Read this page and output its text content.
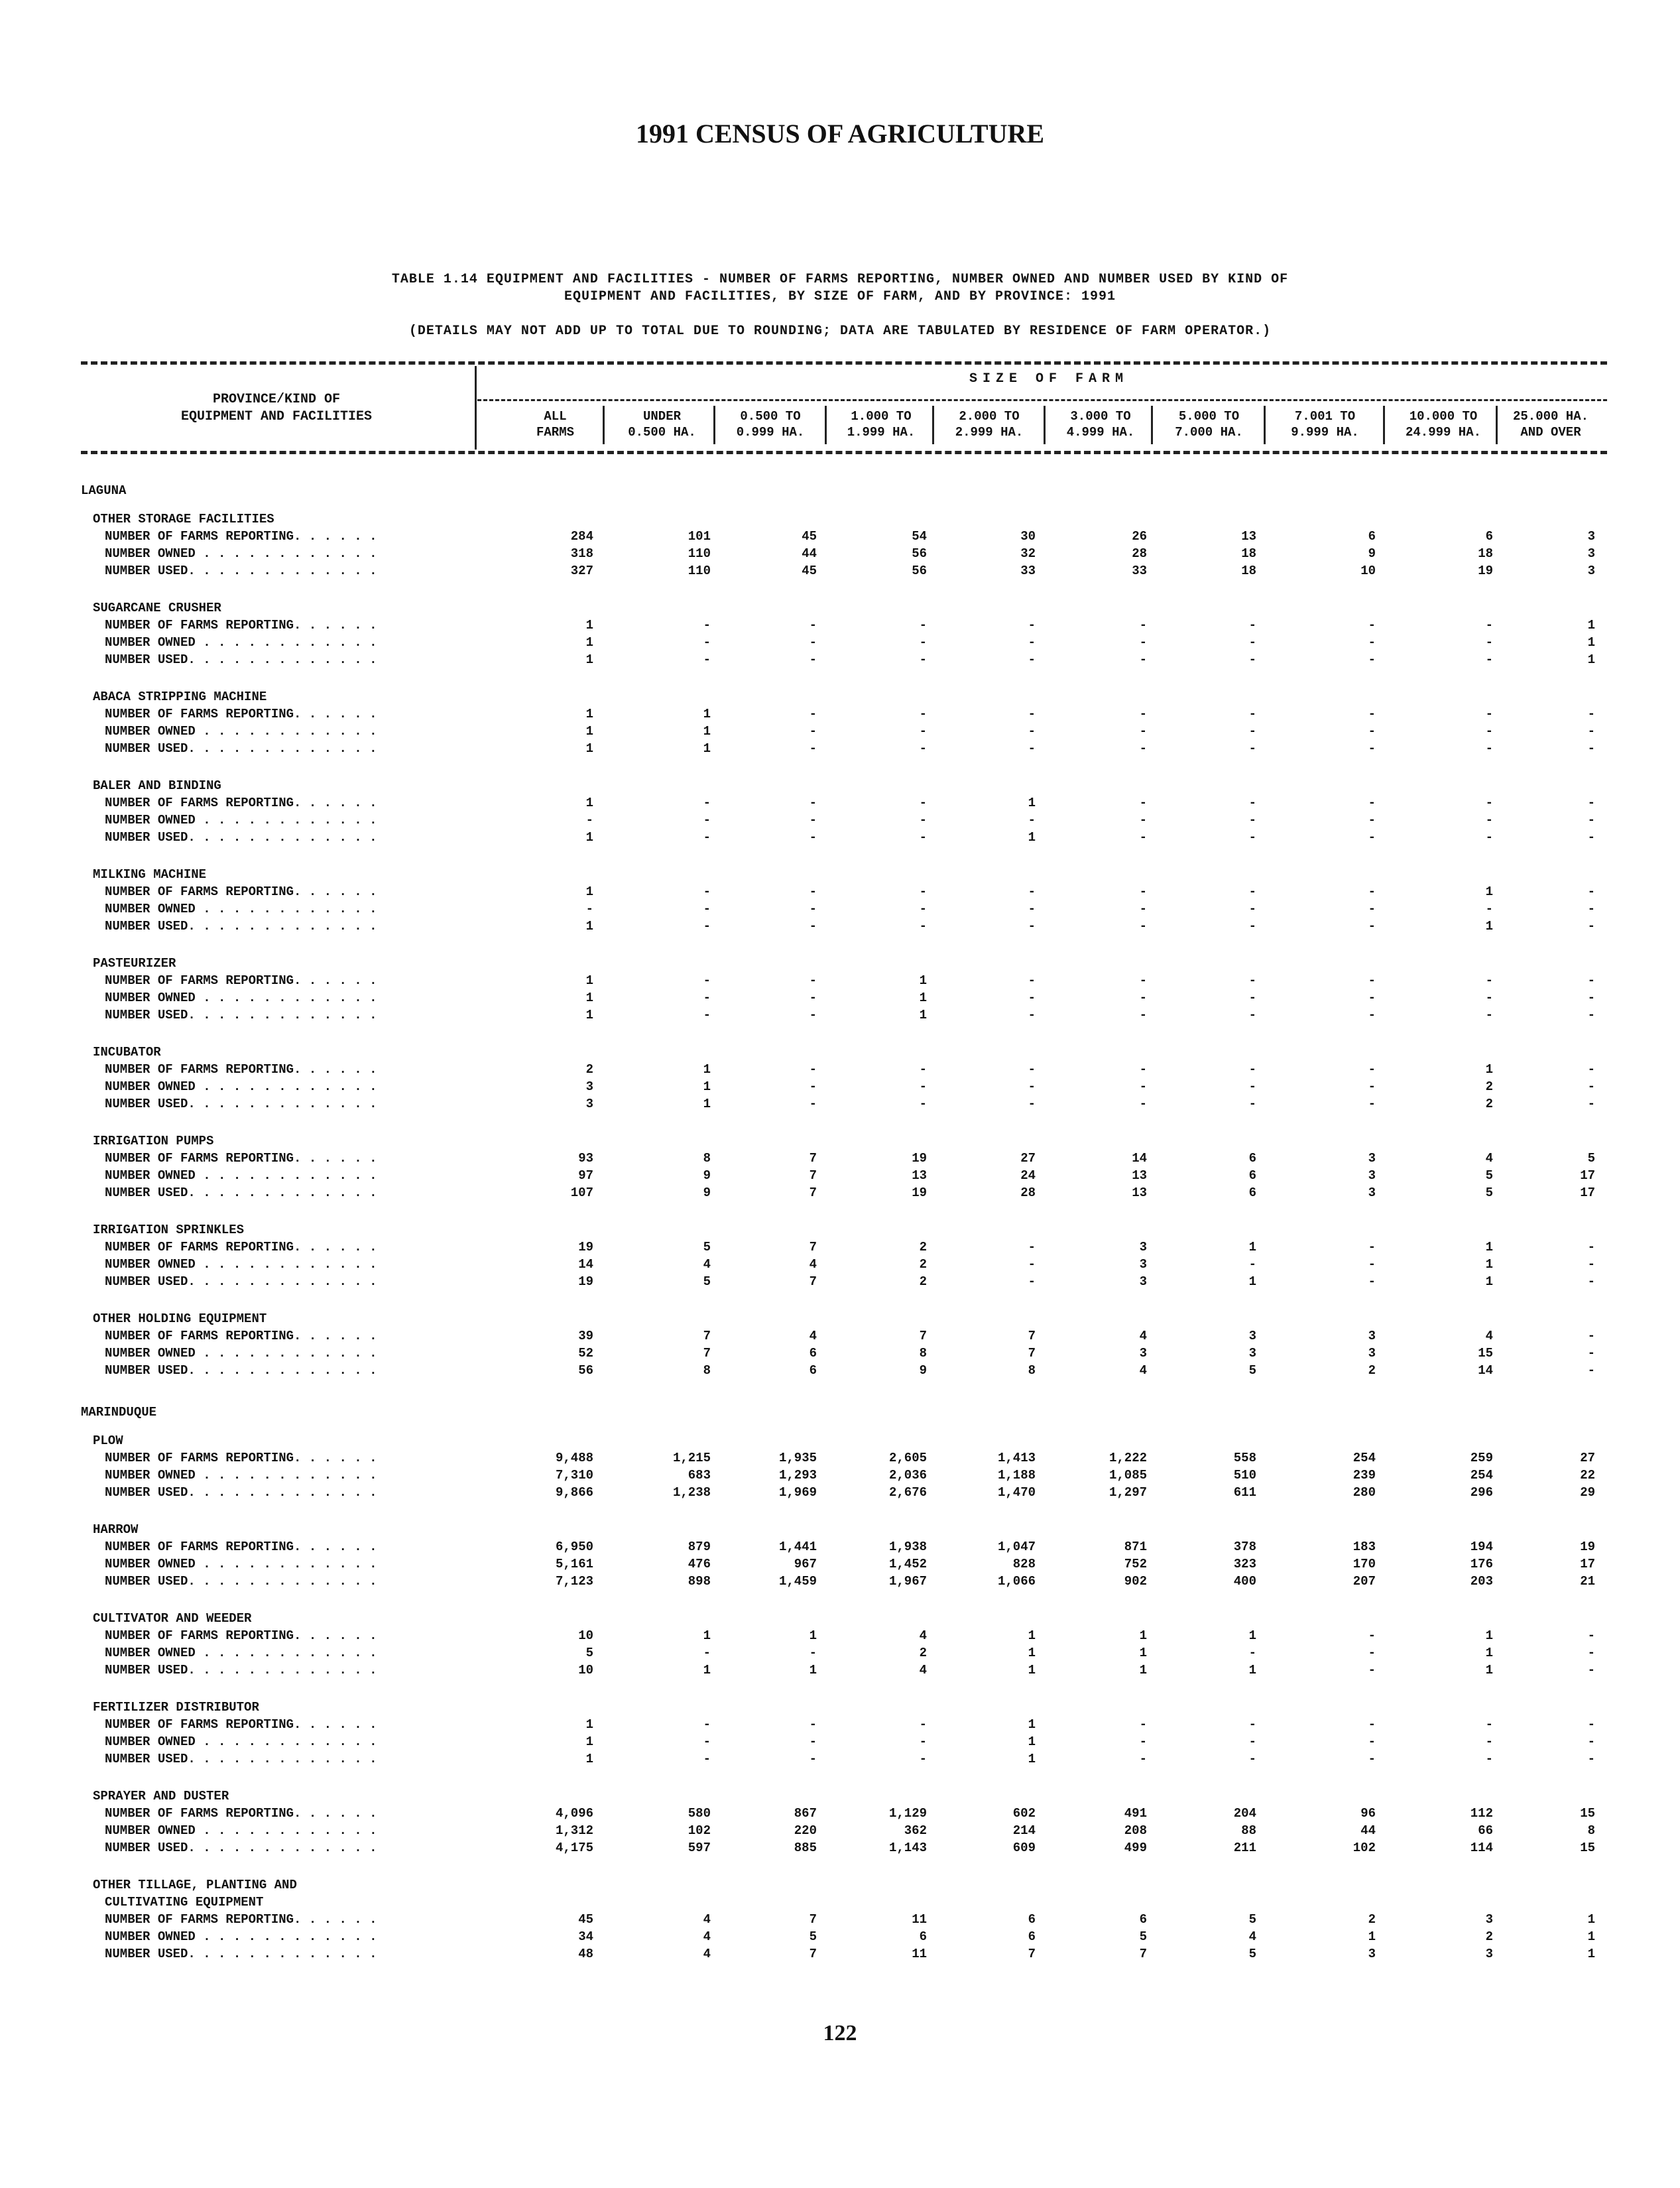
1991 CENSUS OF AGRICULTURE
TABLE 1.14 EQUIPMENT AND FACILITIES - NUMBER OF FARMS REPORTING, NUMBER OWNED AND NUMBER USED BY KIND OF
EQUIPMENT AND FACILITIES, BY SIZE OF FARM, AND BY PROVINCE: 1991
(DETAILS MAY NOT ADD UP TO TOTAL DUE TO ROUNDING; DATA ARE TABULATED BY RESIDENCE OF FARM OPERATOR.)
PROVINCE/KIND OF
EQUIPMENT AND FACILITIES
SIZE OF FARM
ALL
FARMS
UNDER
0.500 HA.
0.500 TO
0.999 HA.
1.000 TO
1.999 HA.
2.000 TO
2.999 HA.
3.000 TO
4.999 HA.
5.000 TO
7.000 HA.
7.001 TO
9.999 HA.
10.000 TO
24.999 HA.
25.000 HA.
AND OVER
LAGUNA
OTHER STORAGE FACILITIES
NUMBER OF FARMS REPORTING. . . . . .	284	101	45	54	30	26	13	6	6	3
NUMBER OWNED . . . . . . . . . . . .	318	110	44	56	32	28	18	9	18	3
NUMBER USED. . . . . . . . . . . . .	327	110	45	56	33	33	18	10	19	3
SUGARCANE CRUSHER
NUMBER OF FARMS REPORTING. . . . . .	1	-	-	-	-	-	-	-	-	1
NUMBER OWNED . . . . . . . . . . . .	1	-	-	-	-	-	-	-	-	1
NUMBER USED. . . . . . . . . . . . .	1	-	-	-	-	-	-	-	-	1
ABACA STRIPPING MACHINE
NUMBER OF FARMS REPORTING. . . . . .	1	1	-	-	-	-	-	-	-	-
NUMBER OWNED . . . . . . . . . . . .	1	1	-	-	-	-	-	-	-	-
NUMBER USED. . . . . . . . . . . . .	1	1	-	-	-	-	-	-	-	-
BALER AND BINDING
NUMBER OF FARMS REPORTING. . . . . .	1	-	-	-	1	-	-	-	-	-
NUMBER OWNED . . . . . . . . . . . .	-	-	-	-	-	-	-	-	-	-
NUMBER USED. . . . . . . . . . . . .	1	-	-	-	1	-	-	-	-	-
MILKING MACHINE
NUMBER OF FARMS REPORTING. . . . . .	1	-	-	-	-	-	-	-	1	-
NUMBER OWNED . . . . . . . . . . . .	-	-	-	-	-	-	-	-	-	-
NUMBER USED. . . . . . . . . . . . .	1	-	-	-	-	-	-	-	1	-
PASTEURIZER
NUMBER OF FARMS REPORTING. . . . . .	1	-	-	1	-	-	-	-	-	-
NUMBER OWNED . . . . . . . . . . . .	1	-	-	1	-	-	-	-	-	-
NUMBER USED. . . . . . . . . . . . .	1	-	-	1	-	-	-	-	-	-
INCUBATOR
NUMBER OF FARMS REPORTING. . . . . .	2	1	-	-	-	-	-	-	1	-
NUMBER OWNED . . . . . . . . . . . .	3	1	-	-	-	-	-	-	2	-
NUMBER USED. . . . . . . . . . . . .	3	1	-	-	-	-	-	-	2	-
IRRIGATION PUMPS
NUMBER OF FARMS REPORTING. . . . . .	93	8	7	19	27	14	6	3	4	5
NUMBER OWNED . . . . . . . . . . . .	97	9	7	13	24	13	6	3	5	17
NUMBER USED. . . . . . . . . . . . .	107	9	7	19	28	13	6	3	5	17
IRRIGATION SPRINKLES
NUMBER OF FARMS REPORTING. . . . . .	19	5	7	2	-	3	1	-	1	-
NUMBER OWNED . . . . . . . . . . . .	14	4	4	2	-	3	-	-	1	-
NUMBER USED. . . . . . . . . . . . .	19	5	7	2	-	3	1	-	1	-
OTHER HOLDING EQUIPMENT
NUMBER OF FARMS REPORTING. . . . . .	39	7	4	7	7	4	3	3	4	-
NUMBER OWNED . . . . . . . . . . . .	52	7	6	8	7	3	3	3	15	-
NUMBER USED. . . . . . . . . . . . .	56	8	6	9	8	4	5	2	14	-
MARINDUQUE
PLOW
NUMBER OF FARMS REPORTING. . . . . .	9,488	1,215	1,935	2,605	1,413	1,222	558	254	259	27
NUMBER OWNED . . . . . . . . . . . .	7,310	683	1,293	2,036	1,188	1,085	510	239	254	22
NUMBER USED. . . . . . . . . . . . .	9,866	1,238	1,969	2,676	1,470	1,297	611	280	296	29
HARROW
NUMBER OF FARMS REPORTING. . . . . .	6,950	879	1,441	1,938	1,047	871	378	183	194	19
NUMBER OWNED . . . . . . . . . . . .	5,161	476	967	1,452	828	752	323	170	176	17
NUMBER USED. . . . . . . . . . . . .	7,123	898	1,459	1,967	1,066	902	400	207	203	21
CULTIVATOR AND WEEDER
NUMBER OF FARMS REPORTING. . . . . .	10	1	1	4	1	1	1	-	1	-
NUMBER OWNED . . . . . . . . . . . .	5	-	-	2	1	1	-	-	1	-
NUMBER USED. . . . . . . . . . . . .	10	1	1	4	1	1	1	-	1	-
FERTILIZER DISTRIBUTOR
NUMBER OF FARMS REPORTING. . . . . .	1	-	-	-	1	-	-	-	-	-
NUMBER OWNED . . . . . . . . . . . .	1	-	-	-	1	-	-	-	-	-
NUMBER USED. . . . . . . . . . . . .	1	-	-	-	1	-	-	-	-	-
SPRAYER AND DUSTER
NUMBER OF FARMS REPORTING. . . . . .	4,096	580	867	1,129	602	491	204	96	112	15
NUMBER OWNED . . . . . . . . . . . .	1,312	102	220	362	214	208	88	44	66	8
NUMBER USED. . . . . . . . . . . . .	4,175	597	885	1,143	609	499	211	102	114	15
OTHER TILLAGE, PLANTING AND
CULTIVATING EQUIPMENT
NUMBER OF FARMS REPORTING. . . . . .	45	4	7	11	6	6	5	2	3	1
NUMBER OWNED . . . . . . . . . . . .	34	4	5	6	6	5	4	1	2	1
NUMBER USED. . . . . . . . . . . . .	48	4	7	11	7	7	5	3	3	1
122
